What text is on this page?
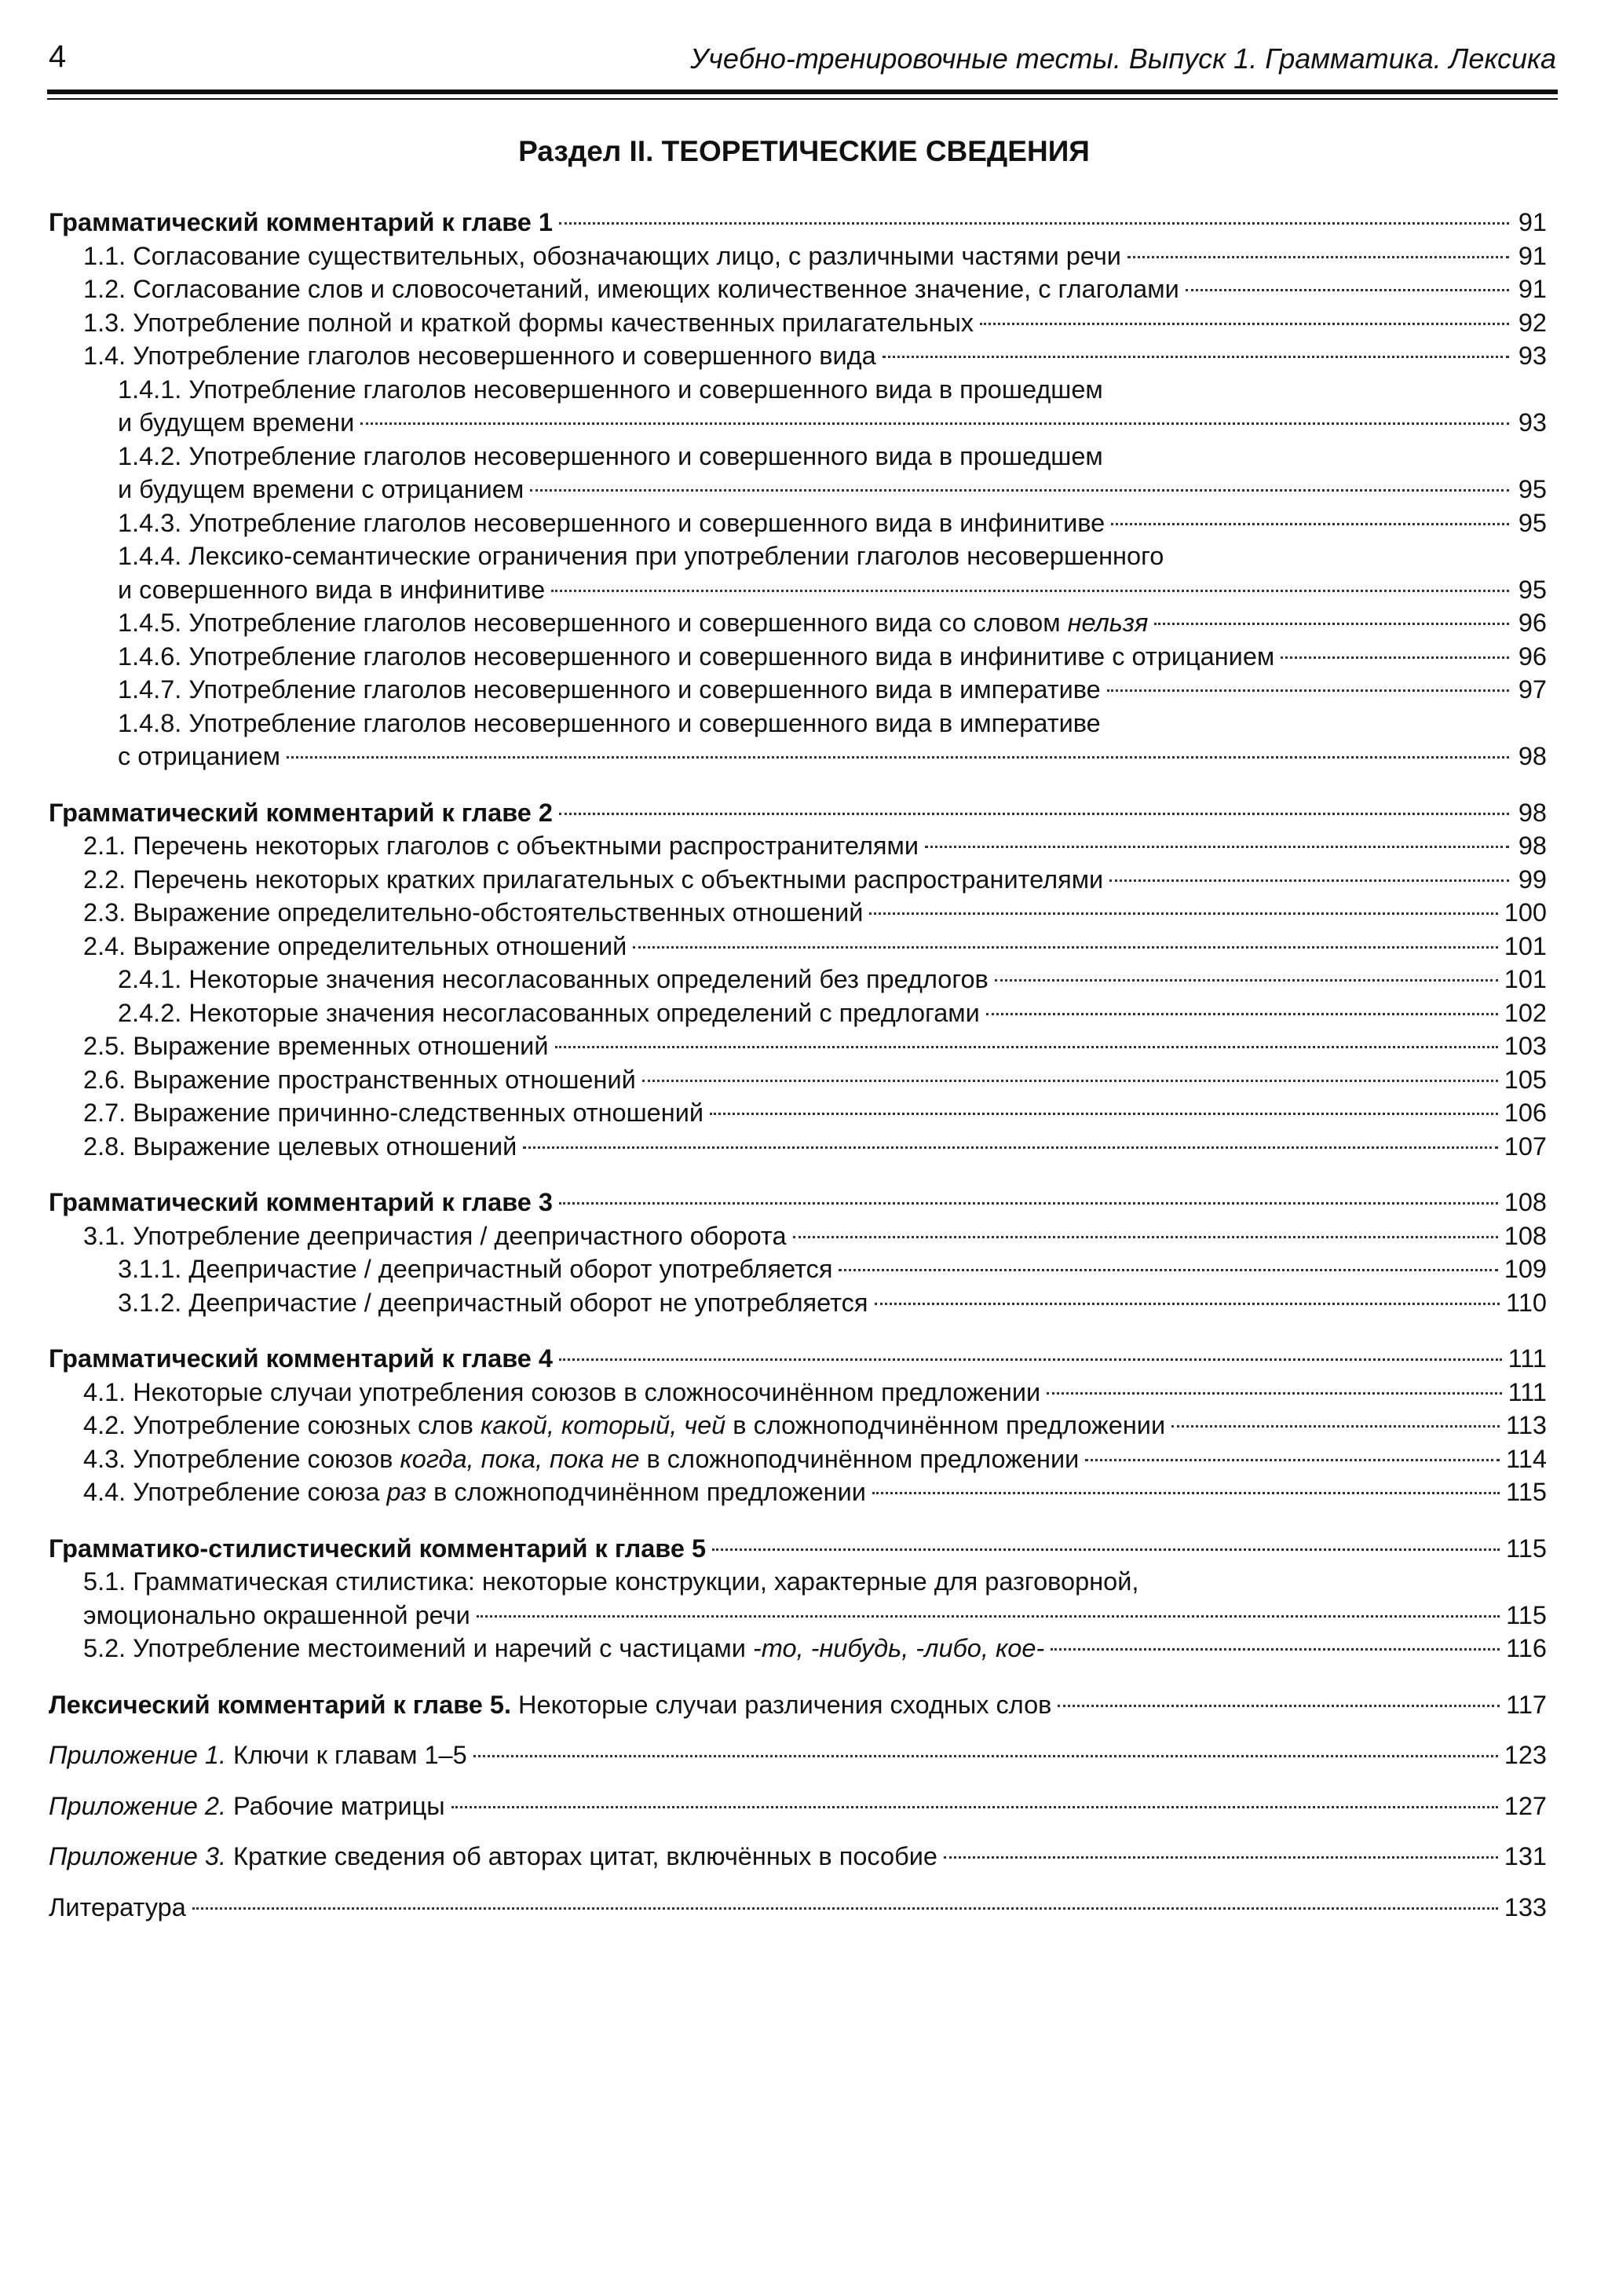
4	Учебно-тренировочные тесты. Выпуск 1. Грамматика. Лексика
Раздел II. ТЕОРЕТИЧЕСКИЕ СВЕДЕНИЯ
Грамматический комментарий к главе 1	91
1.1. Согласование существительных, обозначающих лицо, с различными частями речи	91
1.2. Согласование слов и словосочетаний, имеющих количественное значение, с глаголами	91
1.3. Употребление полной и краткой формы качественных прилагательных	92
1.4. Употребление глаголов несовершенного и совершенного вида	93
1.4.1. Употребление глаголов несовершенного и совершенного вида в прошедшем
и будущем времени	93
1.4.2. Употребление глаголов несовершенного и совершенного вида в прошедшем
и будущем времени с отрицанием	95
1.4.3. Употребление глаголов несовершенного и совершенного вида в инфинитиве	95
1.4.4. Лексико-семантические ограничения при употреблении глаголов несовершенного
и совершенного вида в инфинитиве	95
1.4.5. Употребление глаголов несовершенного и совершенного вида со словом нельзя	96
1.4.6. Употребление глаголов несовершенного и совершенного вида в инфинитиве с отрицанием	96
1.4.7. Употребление глаголов несовершенного и совершенного вида в императиве	97
1.4.8. Употребление глаголов несовершенного и совершенного вида в императиве
с отрицанием	98
Грамматический комментарий к главе 2	98
2.1. Перечень некоторых глаголов с объектными распространителями	98
2.2. Перечень некоторых кратких прилагательных с объектными распространителями	99
2.3. Выражение определительно-обстоятельственных отношений	100
2.4. Выражение определительных отношений	101
2.4.1. Некоторые значения несогласованных определений без предлогов	101
2.4.2. Некоторые значения несогласованных определений с предлогами	102
2.5. Выражение временных отношений	103
2.6. Выражение пространственных отношений	105
2.7. Выражение причинно-следственных отношений	106
2.8. Выражение целевых отношений	107
Грамматический комментарий к главе 3	108
3.1. Употребление деепричастия / деепричастного оборота	108
3.1.1. Деепричастие / деепричастный оборот употребляется	109
3.1.2. Деепричастие / деепричастный оборот не употребляется	110
Грамматический комментарий к главе 4	111
4.1. Некоторые случаи употребления союзов в сложносочинённом предложении	111
4.2. Употребление союзных слов какой, который, чей в сложноподчинённом предложении	113
4.3. Употребление союзов когда, пока, пока не в сложноподчинённом предложении	114
4.4. Употребление союза раз в сложноподчинённом предложении	115
Грамматико-стилистический комментарий к главе 5	115
5.1. Грамматическая стилистика: некоторые конструкции, характерные для разговорной,
эмоционально окрашенной речи	115
5.2. Употребление местоимений и наречий с частицами -то, -нибудь, -либо, кое-	116
Лексический комментарий к главе 5. Некоторые случаи различения сходных слов	117
Приложение 1. Ключи к главам 1–5	123
Приложение 2. Рабочие матрицы	127
Приложение 3. Краткие сведения об авторах цитат, включённых в пособие	131
Литература	133
